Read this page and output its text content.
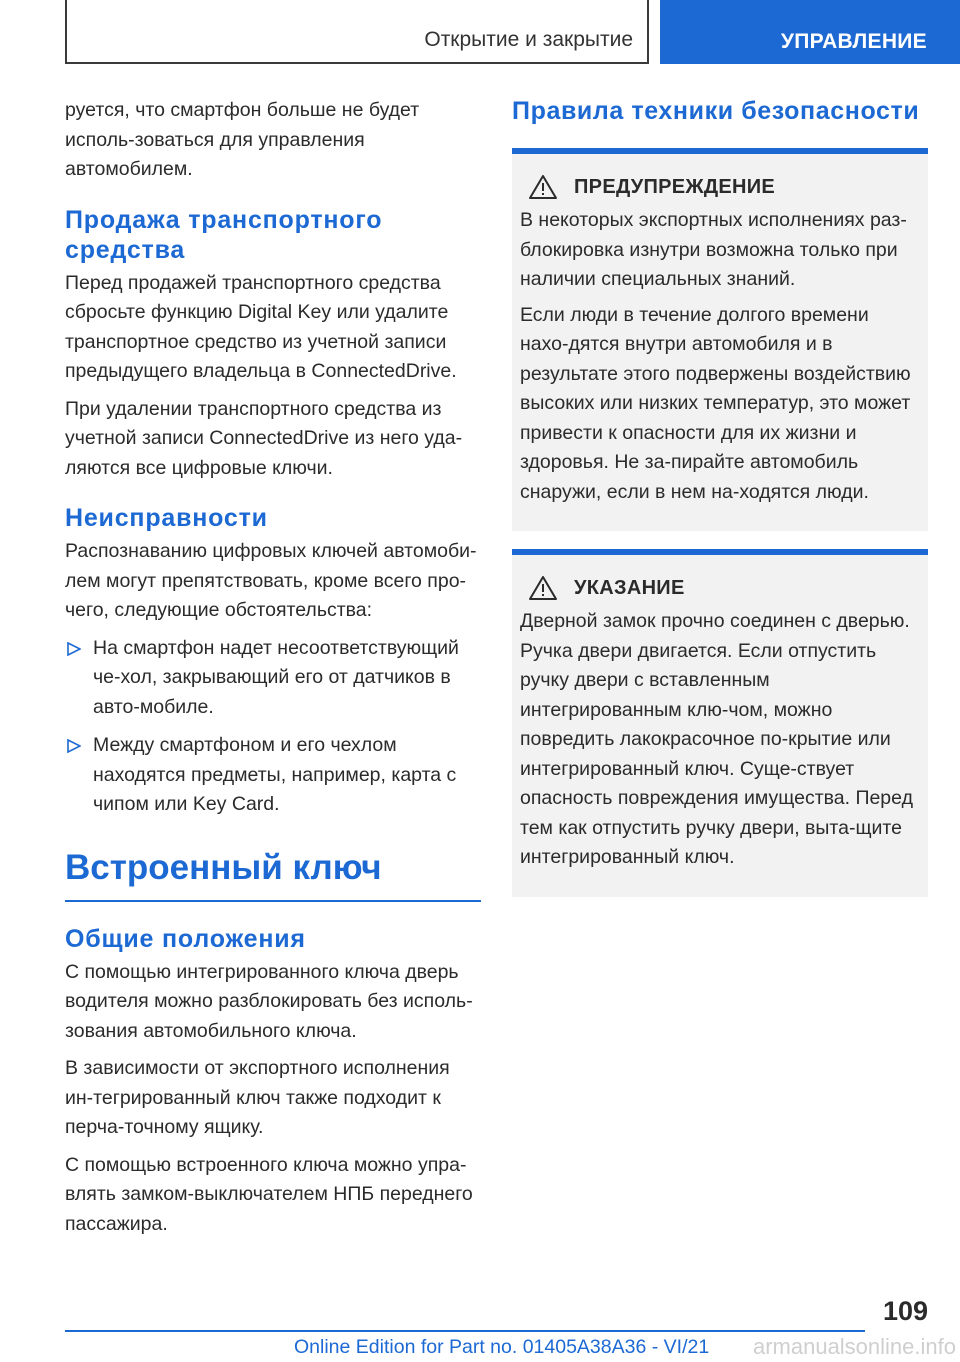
Открытие и закрытие	УПРАВЛЕНИЕ

руется, что смартфон больше не будет исполь-зоваться для управления автомобилем.

Продажа транспортного средства

Перед продажей транспортного средства сбросьте функцию Digital Key или удалите транспортное средство из учетной записи предыдущего владельца в ConnectedDrive.

При удалении транспортного средства из учетной записи ConnectedDrive из него уда-ляются все цифровые ключи.

Неисправности

Распознаванию цифровых ключей автомоби-лем могут препятствовать, кроме всего про-чего, следующие обстоятельства:

На смартфон надет несоответствующий че-хол, закрывающий его от датчиков в авто-мобиле.
Между смартфоном и его чехлом находятся предметы, например, карта с чипом или Key Card.
Встроенный ключ
Общие положения

С помощью интегрированного ключа дверь водителя можно разблокировать без исполь-зования автомобильного ключа.

В зависимости от экспортного исполнения ин-тегрированный ключ также подходит к перча-точному ящику.

С помощью встроенного ключа можно упра-влять замком-выключателем НПБ переднего пассажира.

Правила техники безопасности
ПРЕДУПРЕЖДЕНИЕ

В некоторых экспортных исполнениях раз-блокировка изнутри возможна только при наличии специальных знаний.

Если люди в течение долгого времени нахо-дятся внутри автомобиля и в результате этого подвержены воздействию высоких или низких температур, это может привести к опасности для их жизни и здоровья. Не за-пирайте автомобиль снаружи, если в нем на-ходятся люди.

УКАЗАНИЕ

Дверной замок прочно соединен с дверью. Ручка двери двигается. Если отпустить ручку двери с вставленным интегрированным клю-чом, можно повредить лакокрасочное по-крытие или интегрированный ключ. Суще-ствует опасность повреждения имущества. Перед тем как отпустить ручку двери, выта-щите интегрированный ключ.

109
Online Edition for Part no. 01405A38A36 - VI/21 armanualsonline.info
